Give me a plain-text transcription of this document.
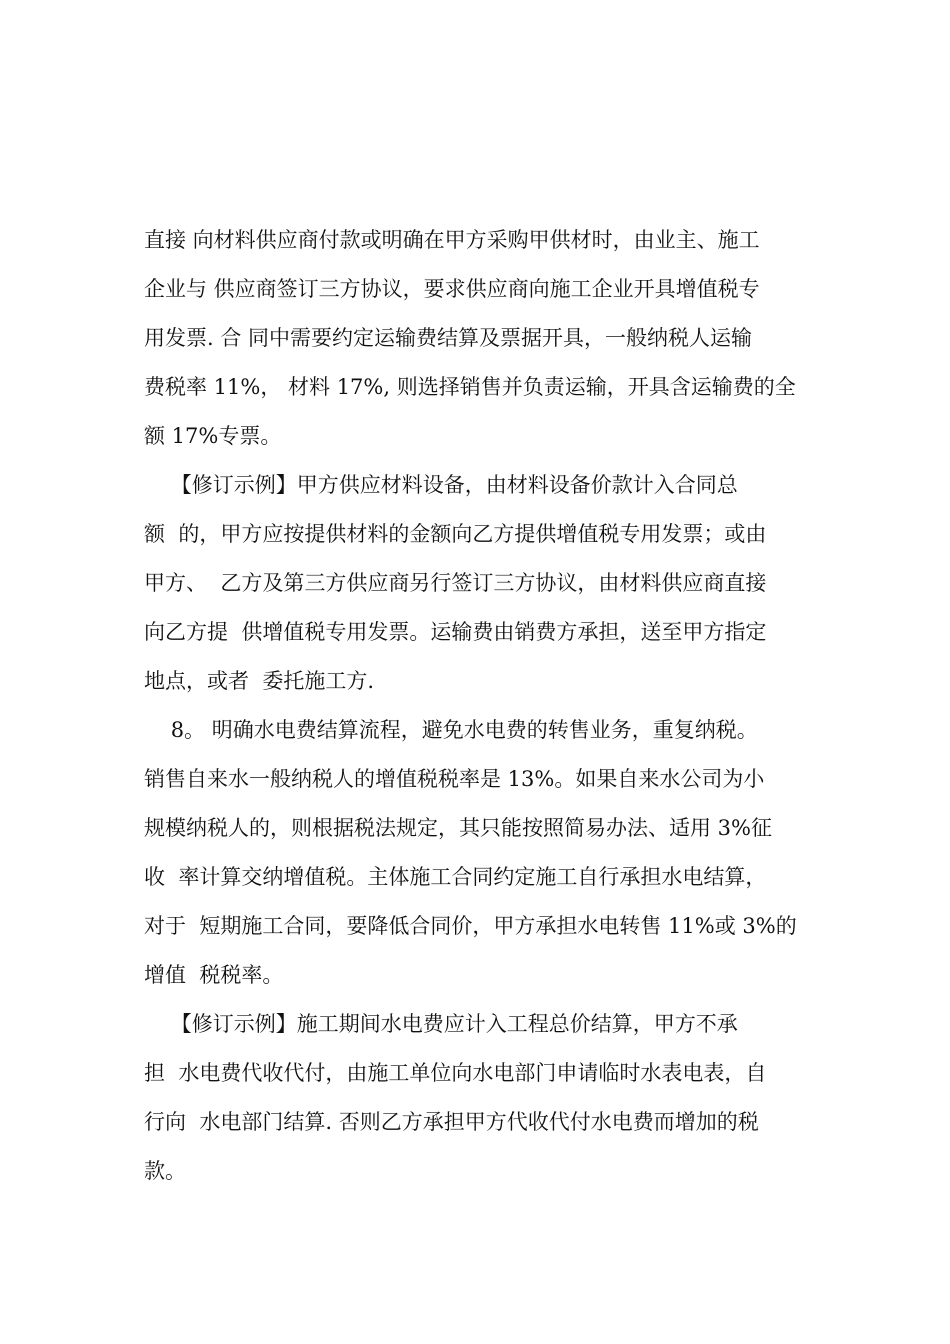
直接 向材料供应商付款或明确在甲方采购甲供材时，由业主、施工
企业与 供应商签订三方协议，要求供应商向施工企业开具增值税专
用发票. 合 同中需要约定运输费结算及票据开具，一般纳税人运输
费税率 11%， 材料 17%, 则选择销售并负责运输，开具含运输费的全
额 17%专票。
【修订示例】甲方供应材料设备，由材料设备价款计入合同总
额  的，甲方应按提供材料的金额向乙方提供增值税专用发票；或由
甲方、  乙方及第三方供应商另行签订三方协议，由材料供应商直接
向乙方提  供增值税专用发票。运输费由销费方承担，送至甲方指定
地点，或者  委托施工方.
8。 明确水电费结算流程，避免水电费的转售业务，重复纳税。
销售自来水一般纳税人的增值税税率是 13%。如果自来水公司为小
规模纳税人的，则根据税法规定，其只能按照简易办法、适用 3%征
收  率计算交纳增值税。主体施工合同约定施工自行承担水电结算，
对于  短期施工合同，要降低合同价，甲方承担水电转售 11%或 3%的
增值  税税率。
【修订示例】施工期间水电费应计入工程总价结算，甲方不承
担  水电费代收代付，由施工单位向水电部门申请临时水表电表，自
行向  水电部门结算. 否则乙方承担甲方代收代付水电费而增加的税
款。
